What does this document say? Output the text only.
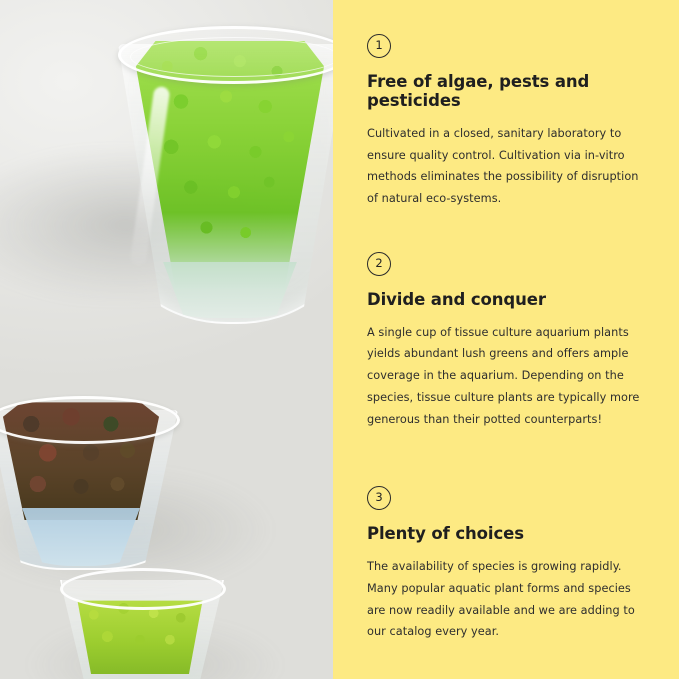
1
Free of algae, pests and pesticides

Cultivated in a closed, sanitary laboratory to ensure quality control. Cultivation via in-vitro methods eliminates the possibility of disruption of natural eco-systems.

2
Divide and conquer

A single cup of tissue culture aquarium plants yields abundant lush greens and offers ample coverage in the aquarium. Depending on the species, tissue culture plants are typically more generous than their potted counterparts!

3
Plenty of choices

The availability of species is growing rapidly. Many popular aquatic plant forms and species are now readily available and we are adding to our catalog every year.
